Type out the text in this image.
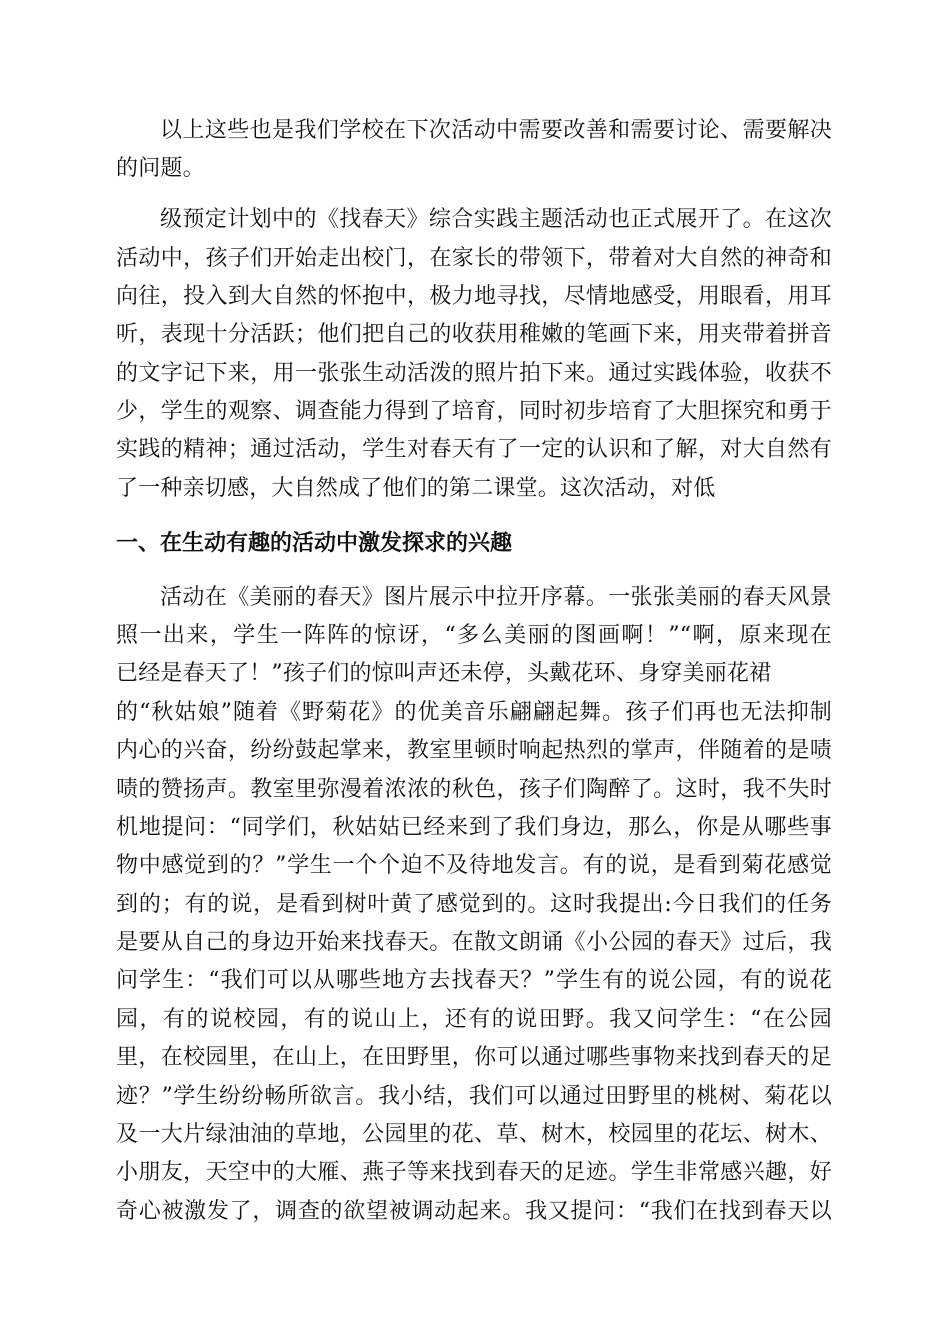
以上这些也是我们学校在下次活动中需要改善和需要讨论、需要解决
的问题。
级预定计划中的《找春天》综合实践主题活动也正式展开了。在这次
活动中，孩子们开始走出校门，在家长的带领下，带着对大自然的神奇和
向往，投入到大自然的怀抱中，极力地寻找，尽情地感受，用眼看，用耳
听，表现十分活跃；他们把自己的收获用稚嫩的笔画下来，用夹带着拼音
的文字记下来，用一张张生动活泼的照片拍下来。通过实践体验，收获不
少，学生的观察、调查能力得到了培育，同时初步培育了大胆探究和勇于
实践的精神；通过活动，学生对春天有了一定的认识和了解，对大自然有
了一种亲切感，大自然成了他们的第二课堂。这次活动，对低
一、在生动有趣的活动中激发探求的兴趣
活动在《美丽的春天》图片展示中拉开序幕。一张张美丽的春天风景
照一出来，学生一阵阵的惊讶，“多么美丽的图画啊！”“啊，原来现在
已经是春天了！”孩子们的惊叫声还未停，头戴花环、身穿美丽花裙
的“秋姑娘”随着《野菊花》的优美音乐翩翩起舞。孩子们再也无法抑制
内心的兴奋，纷纷鼓起掌来，教室里顿时响起热烈的掌声，伴随着的是啧
啧的赞扬声。教室里弥漫着浓浓的秋色，孩子们陶醉了。这时，我不失时
机地提问：“同学们，秋姑姑已经来到了我们身边，那么，你是从哪些事
物中感觉到的？”学生一个个迫不及待地发言。有的说，是看到菊花感觉
到的；有的说，是看到树叶黄了感觉到的。这时我提出:今日我们的任务
是要从自己的身边开始来找春天。在散文朗诵《小公园的春天》过后，我
问学生：“我们可以从哪些地方去找春天？”学生有的说公园，有的说花
园，有的说校园，有的说山上，还有的说田野。我又问学生：“在公园
里，在校园里，在山上，在田野里，你可以通过哪些事物来找到春天的足
迹？”学生纷纷畅所欲言。我小结，我们可以通过田野里的桃树、菊花以
及一大片绿油油的草地，公园里的花、草、树木，校园里的花坛、树木、
小朋友，天空中的大雁、燕子等来找到春天的足迹。学生非常感兴趣，好
奇心被激发了，调查的欲望被调动起来。我又提问：“我们在找到春天以
